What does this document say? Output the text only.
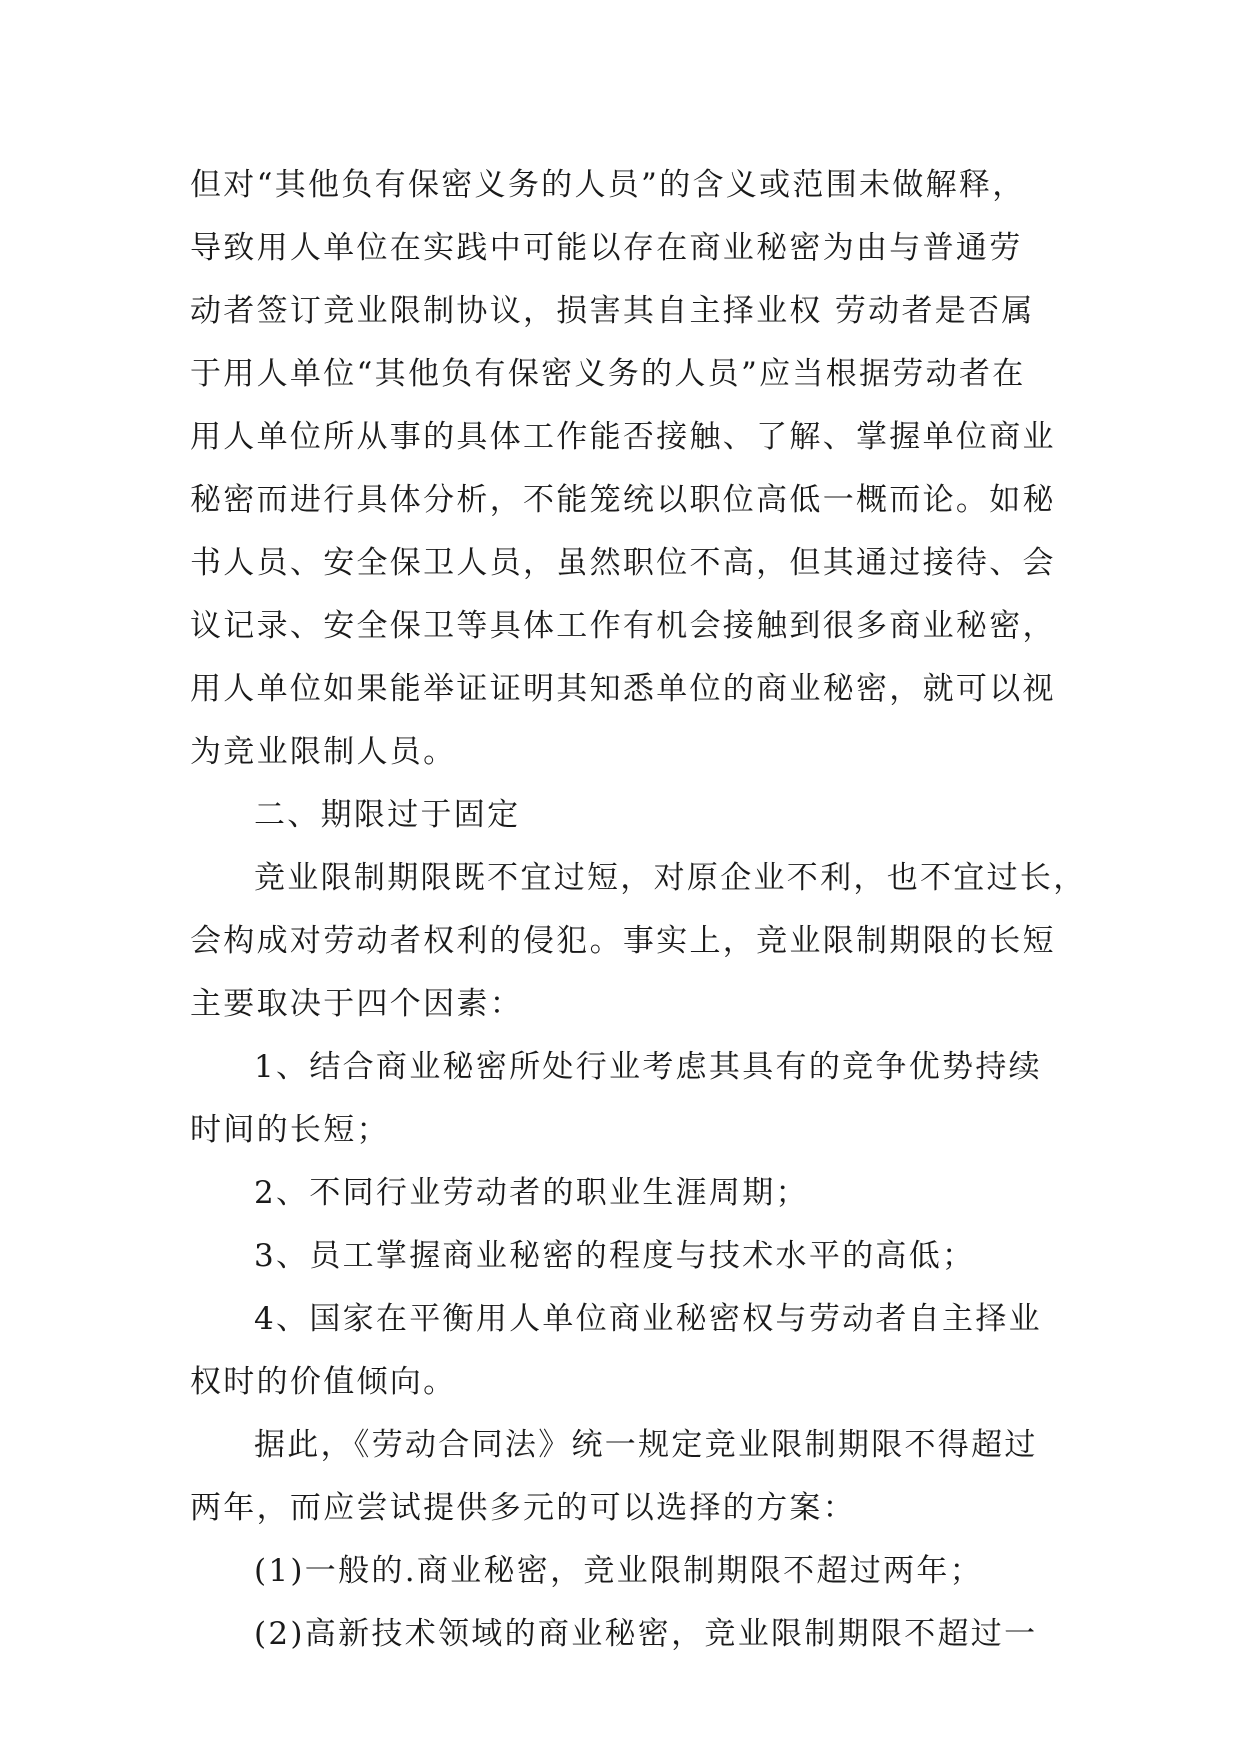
但对“其他负有保密义务的人员”的含义或范围未做解释，
导致用人单位在实践中可能以存在商业秘密为由与普通劳
动者签订竞业限制协议，损害其自主择业权 劳动者是否属
于用人单位“其他负有保密义务的人员”应当根据劳动者在
用人单位所从事的具体工作能否接触、了解、掌握单位商业
秘密而进行具体分析，不能笼统以职位高低一概而论。如秘
书人员、安全保卫人员，虽然职位不高，但其通过接待、会
议记录、安全保卫等具体工作有机会接触到很多商业秘密，
用人单位如果能举证证明其知悉单位的商业秘密，就可以视
为竞业限制人员。
二、期限过于固定
竞业限制期限既不宜过短，对原企业不利，也不宜过长，
会构成对劳动者权利的侵犯。事实上，竞业限制期限的长短
主要取决于四个因素：
1、结合商业秘密所处行业考虑其具有的竞争优势持续
时间的长短；
2、不同行业劳动者的职业生涯周期；
3、员工掌握商业秘密的程度与技术水平的高低；
4、国家在平衡用人单位商业秘密权与劳动者自主择业
权时的价值倾向。
据此，《劳动合同法》统一规定竞业限制期限不得超过
两年，而应尝试提供多元的可以选择的方案：
(1)一般的.商业秘密，竞业限制期限不超过两年；
(2)高新技术领域的商业秘密，竞业限制期限不超过一
